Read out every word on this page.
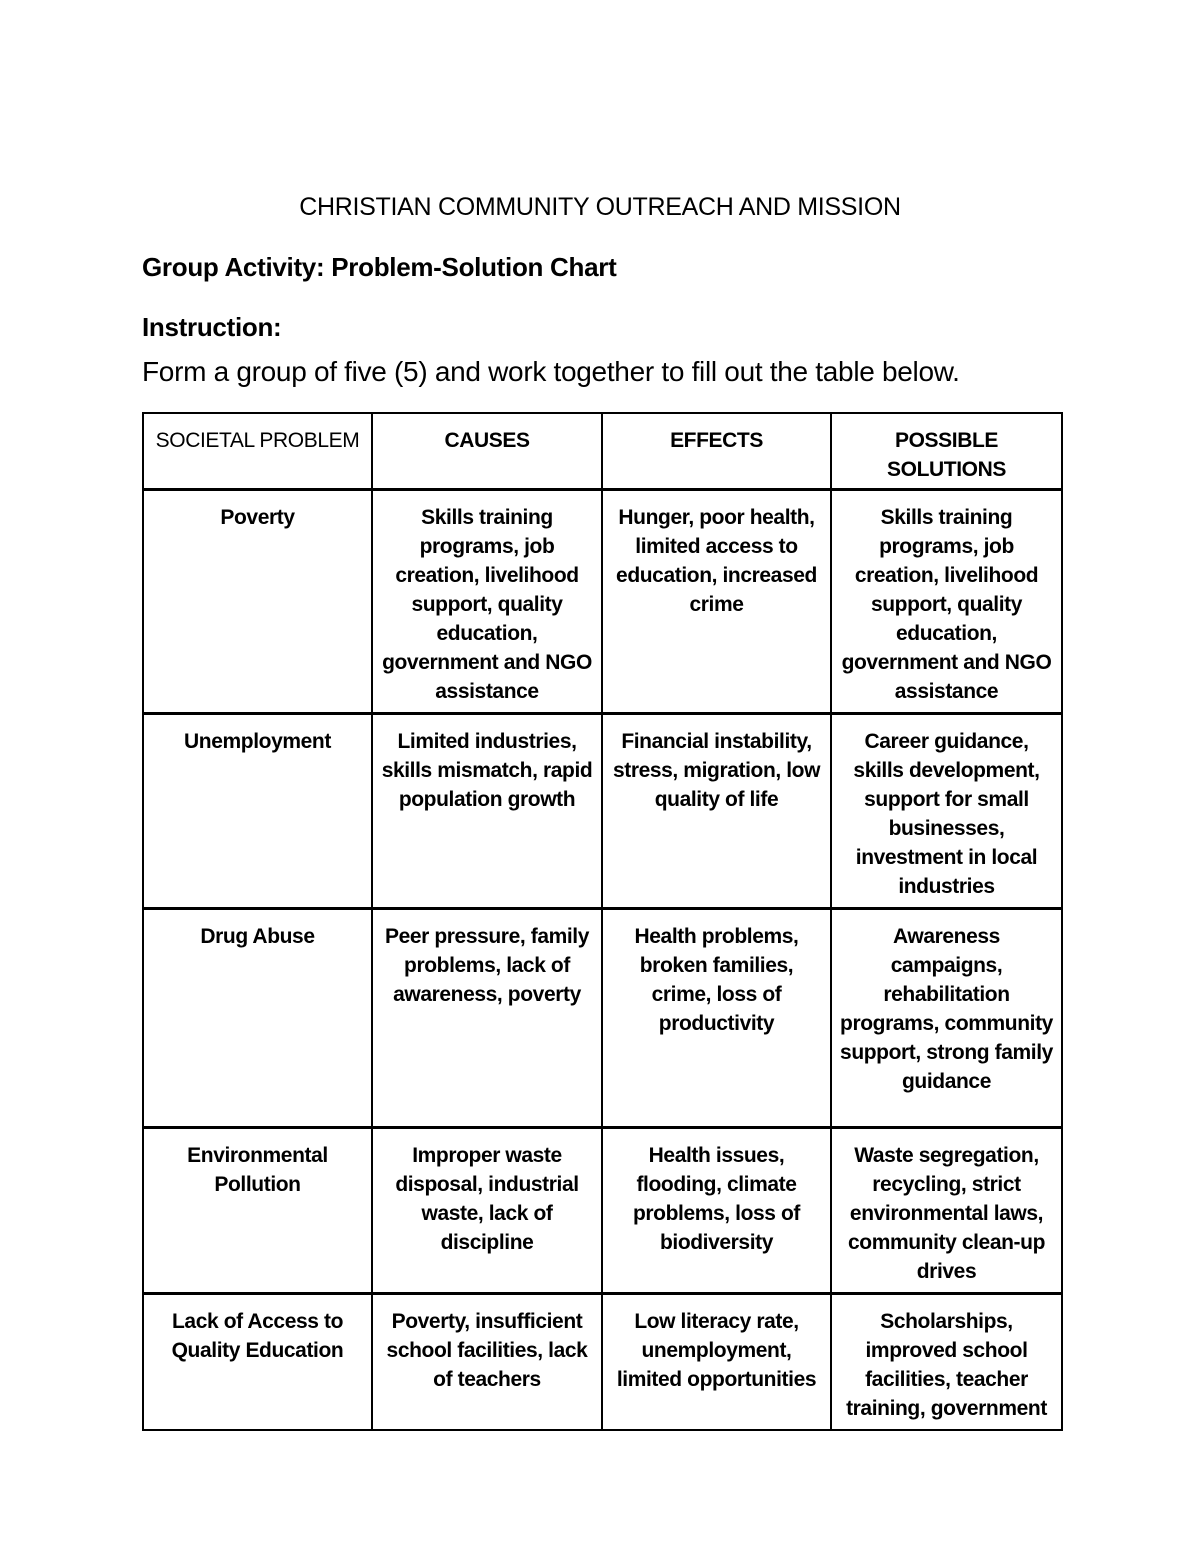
CHRISTIAN COMMUNITY OUTREACH AND MISSION
Group Activity: Problem-Solution Chart
Instruction:
Form a group of five (5) and work together to fill out the table below.
SOCIETAL PROBLEM	CAUSES	EFFECTS	POSSIBLE SOLUTIONS
Poverty	Skills training programs, job creation, livelihood support, quality education, government and NGO assistance	Hunger, poor health, limited access to education, increased crime	Skills training programs, job creation, livelihood support, quality education, government and NGO assistance
Unemployment	Limited industries, skills mismatch, rapid population growth	Financial instability, stress, migration, low quality of life	Career guidance, skills development, support for small businesses, investment in local industries
Drug Abuse	Peer pressure, family problems, lack of awareness, poverty	Health problems, broken families, crime, loss of productivity	Awareness campaigns, rehabilitation programs, community support, strong family guidance
Environmental Pollution	Improper waste disposal, industrial waste, lack of discipline	Health issues, flooding, climate problems, loss of biodiversity	Waste segregation, recycling, strict environmental laws, community clean-up drives
Lack of Access to Quality Education	Poverty, insufficient school facilities, lack of teachers	Low literacy rate, unemployment, limited opportunities	Scholarships, improved school facilities, teacher training, government
